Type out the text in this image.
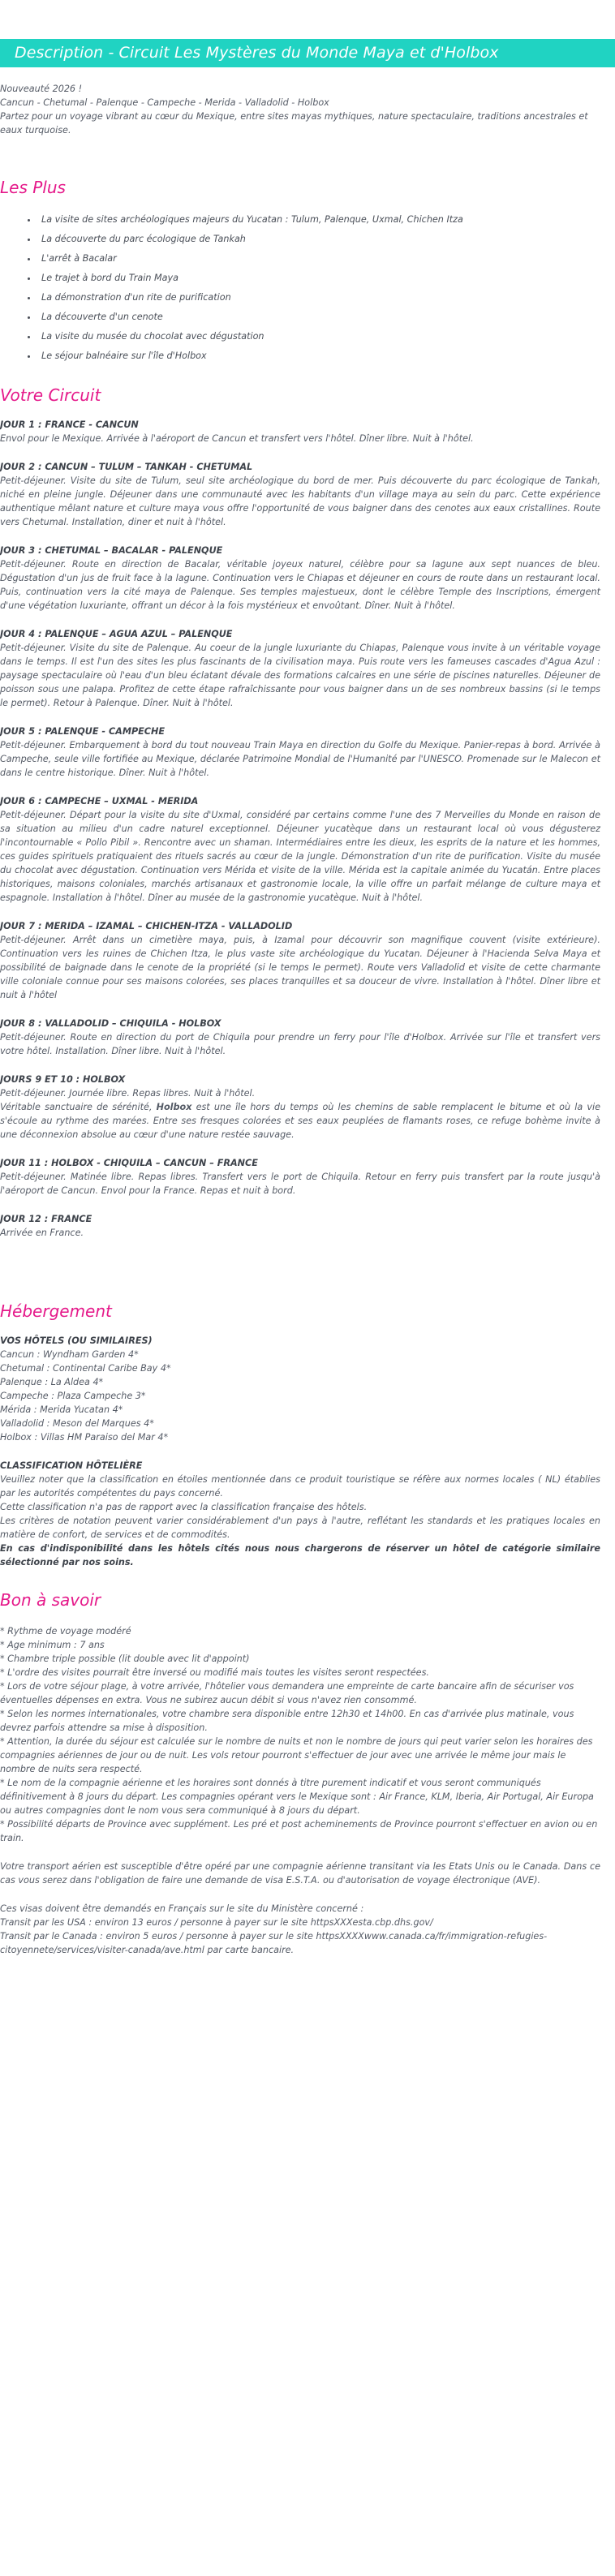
Description - Circuit Les Mystères du Monde Maya et d'Holbox

Nouveauté 2026 !

Cancun - Chetumal - Palenque - Campeche - Merida - Valladolid - Holbox

Partez pour un voyage vibrant au cœur du Mexique, entre sites mayas mythiques, nature spectaculaire, traditions ancestrales et eaux turquoise.

Les Plus
• La visite de sites archéologiques majeurs du Yucatan : Tulum, Palenque, Uxmal, Chichen Itza
• La découverte du parc écologique de Tankah
• L'arrêt à Bacalar
• Le trajet à bord du Train Maya
• La démonstration d'un rite de purification
• La découverte d'un cenote
• La visite du musée du chocolat avec dégustation
• Le séjour balnéaire sur l'île d'Holbox
Votre Circuit

JOUR 1 : FRANCE - CANCUN

Envol pour le Mexique. Arrivée à l'aéroport de Cancun et transfert vers l'hôtel. Dîner libre. Nuit à l'hôtel.

JOUR 2 : CANCUN – TULUM – TANKAH - CHETUMAL

Petit-déjeuner. Visite du site de Tulum, seul site archéologique du bord de mer. Puis découverte du parc écologique de Tankah, niché en pleine jungle. Déjeuner dans une communauté avec les habitants d'un village maya au sein du parc. Cette expérience authentique mêlant nature et culture maya vous offre l'opportunité de vous baigner dans des cenotes aux eaux cristallines. Route vers Chetumal. Installation, diner et nuit à l'hôtel.

JOUR 3 : CHETUMAL – BACALAR - PALENQUE

Petit-déjeuner. Route en direction de Bacalar, véritable joyeux naturel, célèbre pour sa lagune aux sept nuances de bleu. Dégustation d'un jus de fruit face à la lagune. Continuation vers le Chiapas et déjeuner en cours de route dans un restaurant local. Puis, continuation vers la cité maya de Palenque. Ses temples majestueux, dont le célèbre Temple des Inscriptions, émergent d'une végétation luxuriante, offrant un décor à la fois mystérieux et envoûtant. Dîner. Nuit à l'hôtel.

JOUR 4 : PALENQUE – AGUA AZUL – PALENQUE

Petit-déjeuner. Visite du site de Palenque. Au coeur de la jungle luxuriante du Chiapas, Palenque vous invite à un véritable voyage dans le temps. Il est l'un des sites les plus fascinants de la civilisation maya. Puis route vers les fameuses cascades d'Agua Azul : paysage spectaculaire où l'eau d'un bleu éclatant dévale des formations calcaires en une série de piscines naturelles. Déjeuner de poisson sous une palapa. Profitez de cette étape rafraîchissante pour vous baigner dans un de ses nombreux bassins (si le temps le permet). Retour à Palenque. Dîner. Nuit à l'hôtel.

JOUR 5 : PALENQUE - CAMPECHE

Petit-déjeuner. Embarquement à bord du tout nouveau Train Maya en direction du Golfe du Mexique. Panier-repas à bord. Arrivée à Campeche, seule ville fortifiée au Mexique, déclarée Patrimoine Mondial de l'Humanité par l'UNESCO. Promenade sur le Malecon et dans le centre historique. Dîner. Nuit à l'hôtel.

JOUR 6 : CAMPECHE – UXMAL - MERIDA

Petit-déjeuner. Départ pour la visite du site d'Uxmal, considéré par certains comme l'une des 7 Merveilles du Monde en raison de sa situation au milieu d'un cadre naturel exceptionnel. Déjeuner yucatèque dans un restaurant local où vous dégusterez l'incontournable « Pollo Pibil ». Rencontre avec un shaman. Intermédiaires entre les dieux, les esprits de la nature et les hommes, ces guides spirituels pratiquaient des rituels sacrés au cœur de la jungle. Démonstration d'un rite de purification. Visite du musée du chocolat avec dégustation. Continuation vers Mérida et visite de la ville. Mérida est la capitale animée du Yucatán. Entre places historiques, maisons coloniales, marchés artisanaux et gastronomie locale, la ville offre un parfait mélange de culture maya et espagnole. Installation à l'hôtel. Dîner au musée de la gastronomie yucatèque. Nuit à l'hôtel.

JOUR 7 : MERIDA – IZAMAL – CHICHEN-ITZA - VALLADOLID

Petit-déjeuner. Arrêt dans un cimetière maya, puis, à Izamal pour découvrir son magnifique couvent (visite extérieure). Continuation vers les ruines de Chichen Itza, le plus vaste site archéologique du Yucatan. Déjeuner à l'Hacienda Selva Maya et possibilité de baignade dans le cenote de la propriété (si le temps le permet). Route vers Valladolid et visite de cette charmante ville coloniale connue pour ses maisons colorées, ses places tranquilles et sa douceur de vivre. Installation à l'hôtel. Dîner libre et nuit à l'hôtel

JOUR 8 : VALLADOLID – CHIQUILA - HOLBOX

Petit-déjeuner. Route en direction du port de Chiquila pour prendre un ferry pour l'île d'Holbox. Arrivée sur l'île et transfert vers votre hôtel. Installation. Dîner libre. Nuit à l'hôtel.

JOURS 9 ET 10 : HOLBOX

Petit-déjeuner. Journée libre. Repas libres. Nuit à l'hôtel.

Véritable sanctuaire de sérénité, Holbox est une île hors du temps où les chemins de sable remplacent le bitume et où la vie s'écoule au rythme des marées. Entre ses fresques colorées et ses eaux peuplées de flamants roses, ce refuge bohème invite à une déconnexion absolue au cœur d'une nature restée sauvage.

JOUR 11 : HOLBOX - CHIQUILA – CANCUN – FRANCE

Petit-déjeuner. Matinée libre. Repas libres. Transfert vers le port de Chiquila. Retour en ferry puis transfert par la route jusqu'à l'aéroport de Cancun. Envol pour la France. Repas et nuit à bord.

JOUR 12 : FRANCE

Arrivée en France.

Hébergement

VOS HÔTELS (OU SIMILAIRES)

Cancun : Wyndham Garden 4*

Chetumal : Continental Caribe Bay 4*

Palenque : La Aldea 4*

Campeche : Plaza Campeche 3*

Mérida : Merida Yucatan 4*

Valladolid : Meson del Marques 4*

Holbox : Villas HM Paraiso del Mar 4*

CLASSIFICATION HÔTELIÈRE

Veuillez noter que la classification en étoiles mentionnée dans ce produit touristique se réfère aux normes locales ( NL) établies par les autorités compétentes du pays concerné.

Cette classification n'a pas de rapport avec la classification française des hôtels.

Les critères de notation peuvent varier considérablement d'un pays à l'autre, reflétant les standards et les pratiques locales en matière de confort, de services et de commodités.

En cas d'indisponibilité dans les hôtels cités nous nous chargerons de réserver un hôtel de catégorie similaire sélectionné par nos soins.

Bon à savoir

* Rythme de voyage modéré

* Age minimum : 7 ans

* Chambre triple possible (lit double avec lit d'appoint)

* L'ordre des visites pourrait être inversé ou modifié mais toutes les visites seront respectées.

* Lors de votre séjour plage, à votre arrivée, l'hôtelier vous demandera une empreinte de carte bancaire afin de sécuriser vos éventuelles dépenses en extra. Vous ne subirez aucun débit si vous n'avez rien consommé.

* Selon les normes internationales, votre chambre sera disponible entre 12h30 et 14h00. En cas d'arrivée plus matinale, vous devrez parfois attendre sa mise à disposition.

* Attention, la durée du séjour est calculée sur le nombre de nuits et non le nombre de jours qui peut varier selon les horaires des compagnies aériennes de jour ou de nuit. Les vols retour pourront s'effectuer de jour avec une arrivée le même jour mais le nombre de nuits sera respecté.

* Le nom de la compagnie aérienne et les horaires sont donnés à titre purement indicatif et vous seront communiqués définitivement à 8 jours du départ. Les compagnies opérant vers le Mexique sont : Air France, KLM, Iberia, Air Portugal, Air Europa ou autres compagnies dont le nom vous sera communiqué à 8 jours du départ.

* Possibilité départs de Province avec supplément. Les pré et post acheminements de Province pourront s'effectuer en avion ou en train.

Votre transport aérien est susceptible d'être opéré par une compagnie aérienne transitant via les Etats Unis ou le Canada. Dans ce cas vous serez dans l'obligation de faire une demande de visa E.S.T.A. ou d'autorisation de voyage électronique (AVE).

Ces visas doivent être demandés en Français sur le site du Ministère concerné :

Transit par les USA : environ 13 euros / personne à payer sur le site httpsXXXesta.cbp.dhs.gov/

Transit par le Canada : environ 5 euros / personne à payer sur le site httpsXXXXwww.canada.ca/fr/immigration-refugies-citoyennete/services/visiter-canada/ave.html par carte bancaire.
